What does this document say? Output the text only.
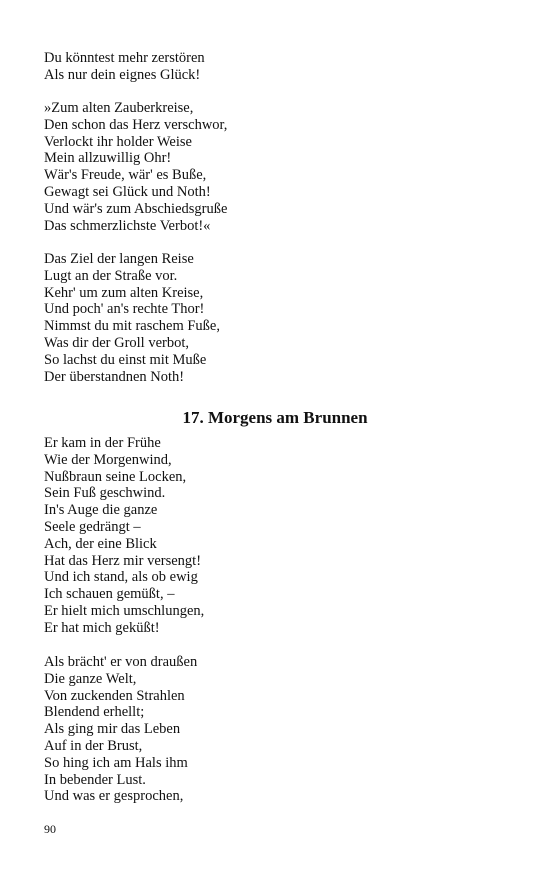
Du könntest mehr zerstören
Als nur dein eignes Glück!
»Zum alten Zauberkreise,
Den schon das Herz verschwor,
Verlockt ihr holder Weise
Mein allzuwillig Ohr!
Wär's Freude, wär' es Buße,
Gewagt sei Glück und Noth!
Und wär's zum Abschiedsgruße
Das schmerzlichste Verbot!«
Das Ziel der langen Reise
Lugt an der Straße vor.
Kehr' um zum alten Kreise,
Und poch' an's rechte Thor!
Nimmst du mit raschem Fuße,
Was dir der Groll verbot,
So lachst du einst mit Muße
Der überstandnen Noth!
17. Morgens am Brunnen
Er kam in der Frühe
Wie der Morgenwind,
Nußbraun seine Locken,
Sein Fuß geschwind.
In's Auge die ganze
Seele gedrängt –
Ach, der eine Blick
Hat das Herz mir versengt!
Und ich stand, als ob ewig
Ich schauen gemüßt, –
Er hielt mich umschlungen,
Er hat mich geküßt!
Als brächt' er von draußen
Die ganze Welt,
Von zuckenden Strahlen
Blendend erhellt;
Als ging mir das Leben
Auf in der Brust,
So hing ich am Hals ihm
In bebender Lust.
Und was er gesprochen,
90
